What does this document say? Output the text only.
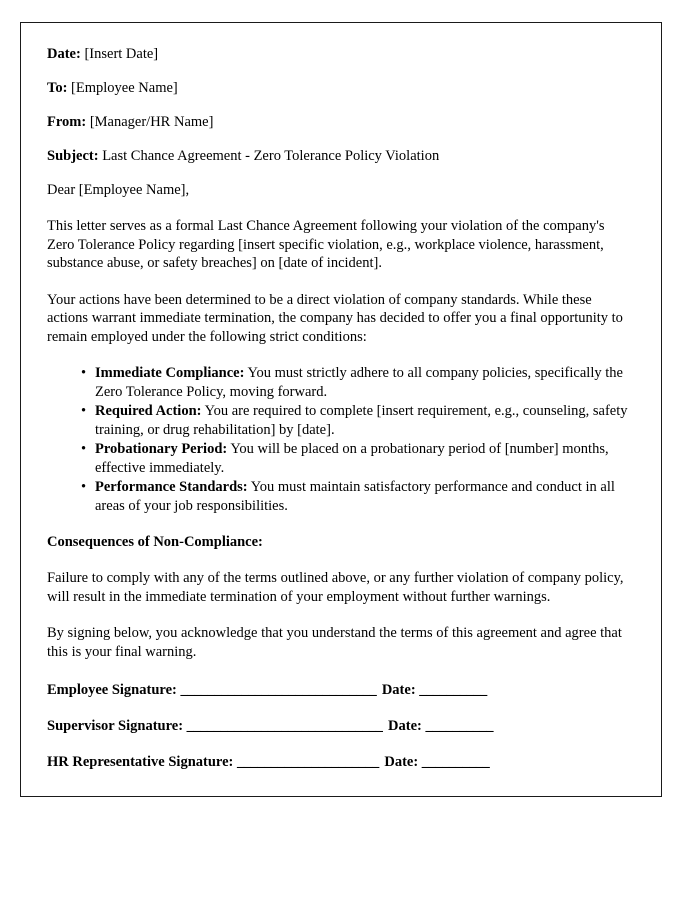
Date: [Insert Date]

To: [Employee Name]

From: [Manager/HR Name]

Subject: Last Chance Agreement - Zero Tolerance Policy Violation

Dear [Employee Name],

This letter serves as a formal Last Chance Agreement following your violation of the company's Zero Tolerance Policy regarding [insert specific violation, e.g., workplace violence, harassment, substance abuse, or safety breaches] on [date of incident].

Your actions have been determined to be a direct violation of company standards. While these actions warrant immediate termination, the company has decided to offer you a final opportunity to remain employed under the following strict conditions:

• Immediate Compliance: You must strictly adhere to all company policies, specifically the Zero Tolerance Policy, moving forward.
• Required Action: You are required to complete [insert requirement, e.g., counseling, safety training, or drug rehabilitation] by [date].
• Probationary Period: You will be placed on a probationary period of [number] months, effective immediately.
• Performance Standards: You must maintain satisfactory performance and conduct in all areas of your job responsibilities.

Consequences of Non-Compliance:

Failure to comply with any of the terms outlined above, or any further violation of company policy, will result in the immediate termination of your employment without further warnings.

By signing below, you acknowledge that you understand the terms of this agreement and agree that this is your final warning.

Employee Signature: _____________________________ Date: __________

Supervisor Signature: _____________________________ Date: __________

HR Representative Signature: _____________________ Date: __________
